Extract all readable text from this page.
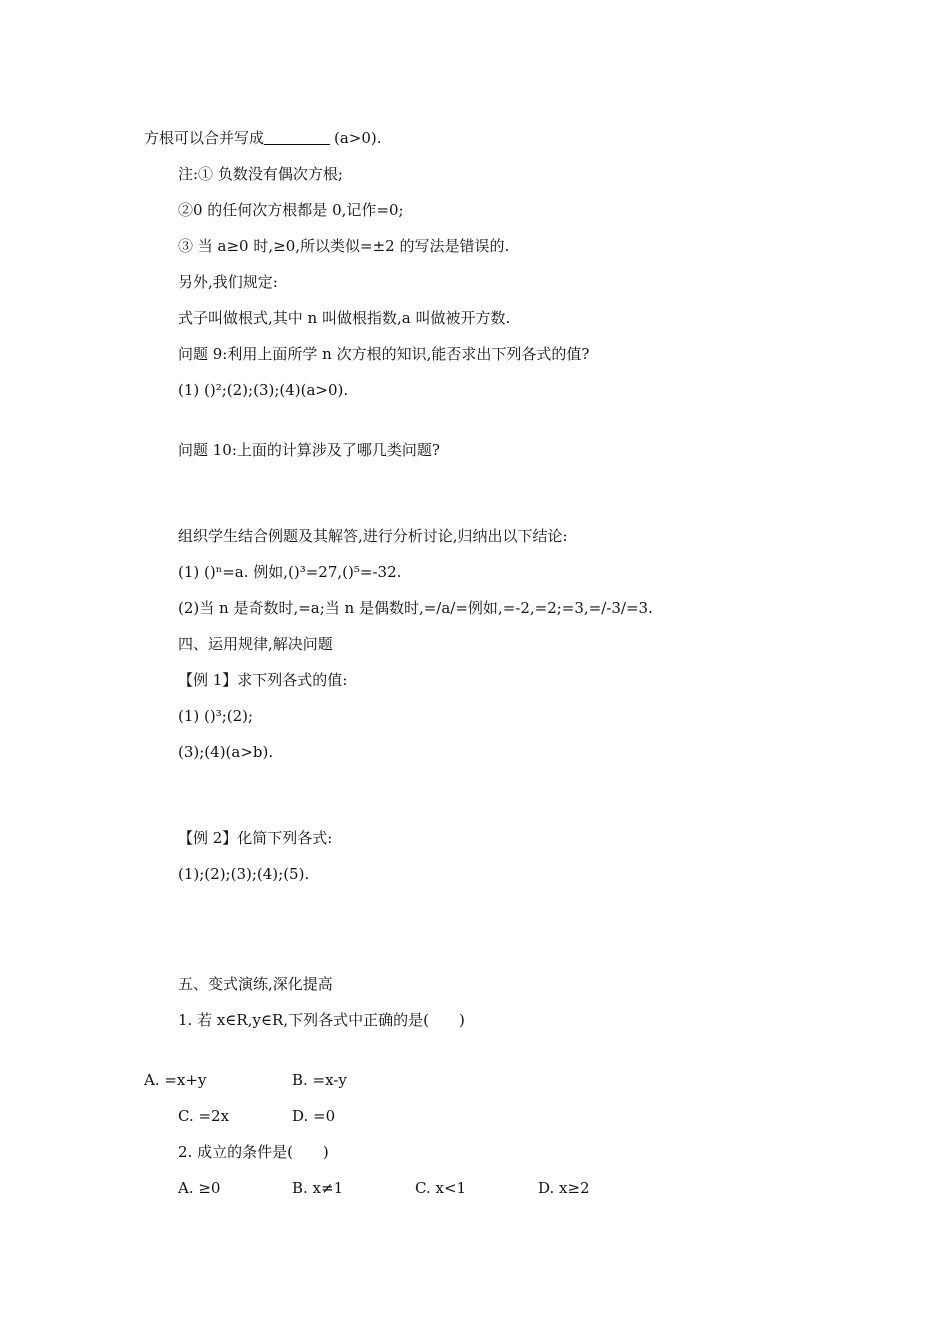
方根可以合并写成	(a>0).
注:① 负数没有偶次方根;
②0 的任何次方根都是 0,记作=0;
③ 当 a≥0 时,≥0,所以类似=±2 的写法是错误的.
另外,我们规定:
式子叫做根式,其中 n 叫做根指数,a 叫做被开方数.
问题 9:利用上面所学 n 次方根的知识,能否求出下列各式的值?
(1) ()²;(2);(3);(4)(a>0).
问题 10:上面的计算涉及了哪几类问题?
组织学生结合例题及其解答,进行分析讨论,归纳出以下结论:
(1) ()ⁿ=a. 例如,()³=27,()⁵=-32.
(2)当 n 是奇数时,=a;当 n 是偶数时,=/a/=例如,=-2,=2;=3,=/-3/=3.
四、运用规律,解决问题
【例 1】求下列各式的值:
(1) ()³;(2);
(3);(4)(a>b).
【例 2】化简下列各式:
(1);(2);(3);(4);(5).
五、变式演练,深化提高
1. 若 x∈R,y∈R,下列各式中正确的是(　　)
A. =x+y	B. =x-y
C. =2x	D. =0
2. 成立的条件是(　　)
A. ≥0	B. x≠1	C. x<1	D. x≥2
